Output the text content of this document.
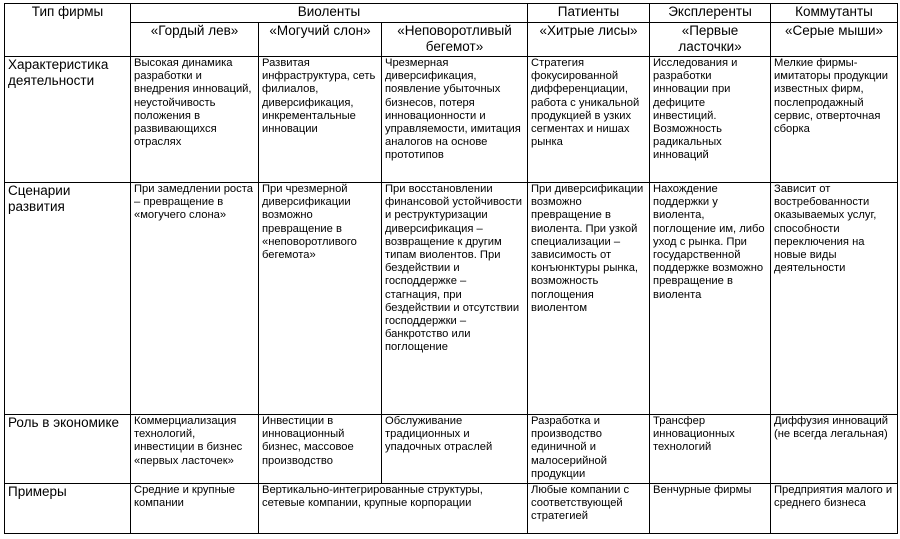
Тип фирмы	Виоленты			Патиенты	Эксплеренты	Коммутанты
	«Гордый лев»	«Могучий слон»	«Неповоротливый бегемот»	«Хитрые лисы»	«Первые ласточки»	«Серые мыши»
Характеристика деятельности	Высокая динамика разработки и внедрения инноваций, неустойчивость положения в развивающихся отраслях	Развитая инфраструктура, сеть филиалов, диверсификация, инкрементальные инновации	Чрезмерная диверсификация, появление убыточных бизнесов, потеря инновационности и управляемости, имитация аналогов на основе прототипов	Стратегия фокусированной дифференциации, работа с уникальной продукцией в узких сегментах и нишах рынка	Исследования и разработки инновации при дефиците инвестиций. Возможность радикальных инноваций	Мелкие фирмы-имитаторы продукции известных фирм, послепродажный сервис, отверточная сборка
Сценарии развития	При замедлении роста – превращение в «могучего слона»	При чрезмерной диверсификации возможно превращение в «неповоротливого бегемота»	При восстановлении финансовой устойчивости и реструктуризации диверсификация – возвращение к другим типам виолентов. При бездействии и господдержке – стагнация, при бездействии и отсутствии господдержки – банкротство или поглощение	При диверсификации возможно превращение в виолента. При узкой специализации – зависимость от конъюнктуры рынка, возможность поглощения виолентом	Нахождение поддержки у виолента, поглощение им, либо уход с рынка. При государственной поддержке возможно превращение в виолента	Зависит от востребованности оказываемых услуг, способности переключения на новые виды деятельности
Роль в экономике	Коммерциализация технологий, инвестиции в бизнес «первых ласточек»	Инвестиции в инновационный бизнес, массовое производство	Обслуживание традиционных и упадочных отраслей	Разработка и производство единичной и малосерийной продукции	Трансфер инновационных технологий	Диффузия инноваций (не всегда легальная)
Примеры	Средние и крупные компании	Вертикально-интегрированные структуры, сетевые компании, крупные корпорации		Любые компании с соответствующей стратегией	Венчурные фирмы	Предприятия малого и среднего бизнеса
